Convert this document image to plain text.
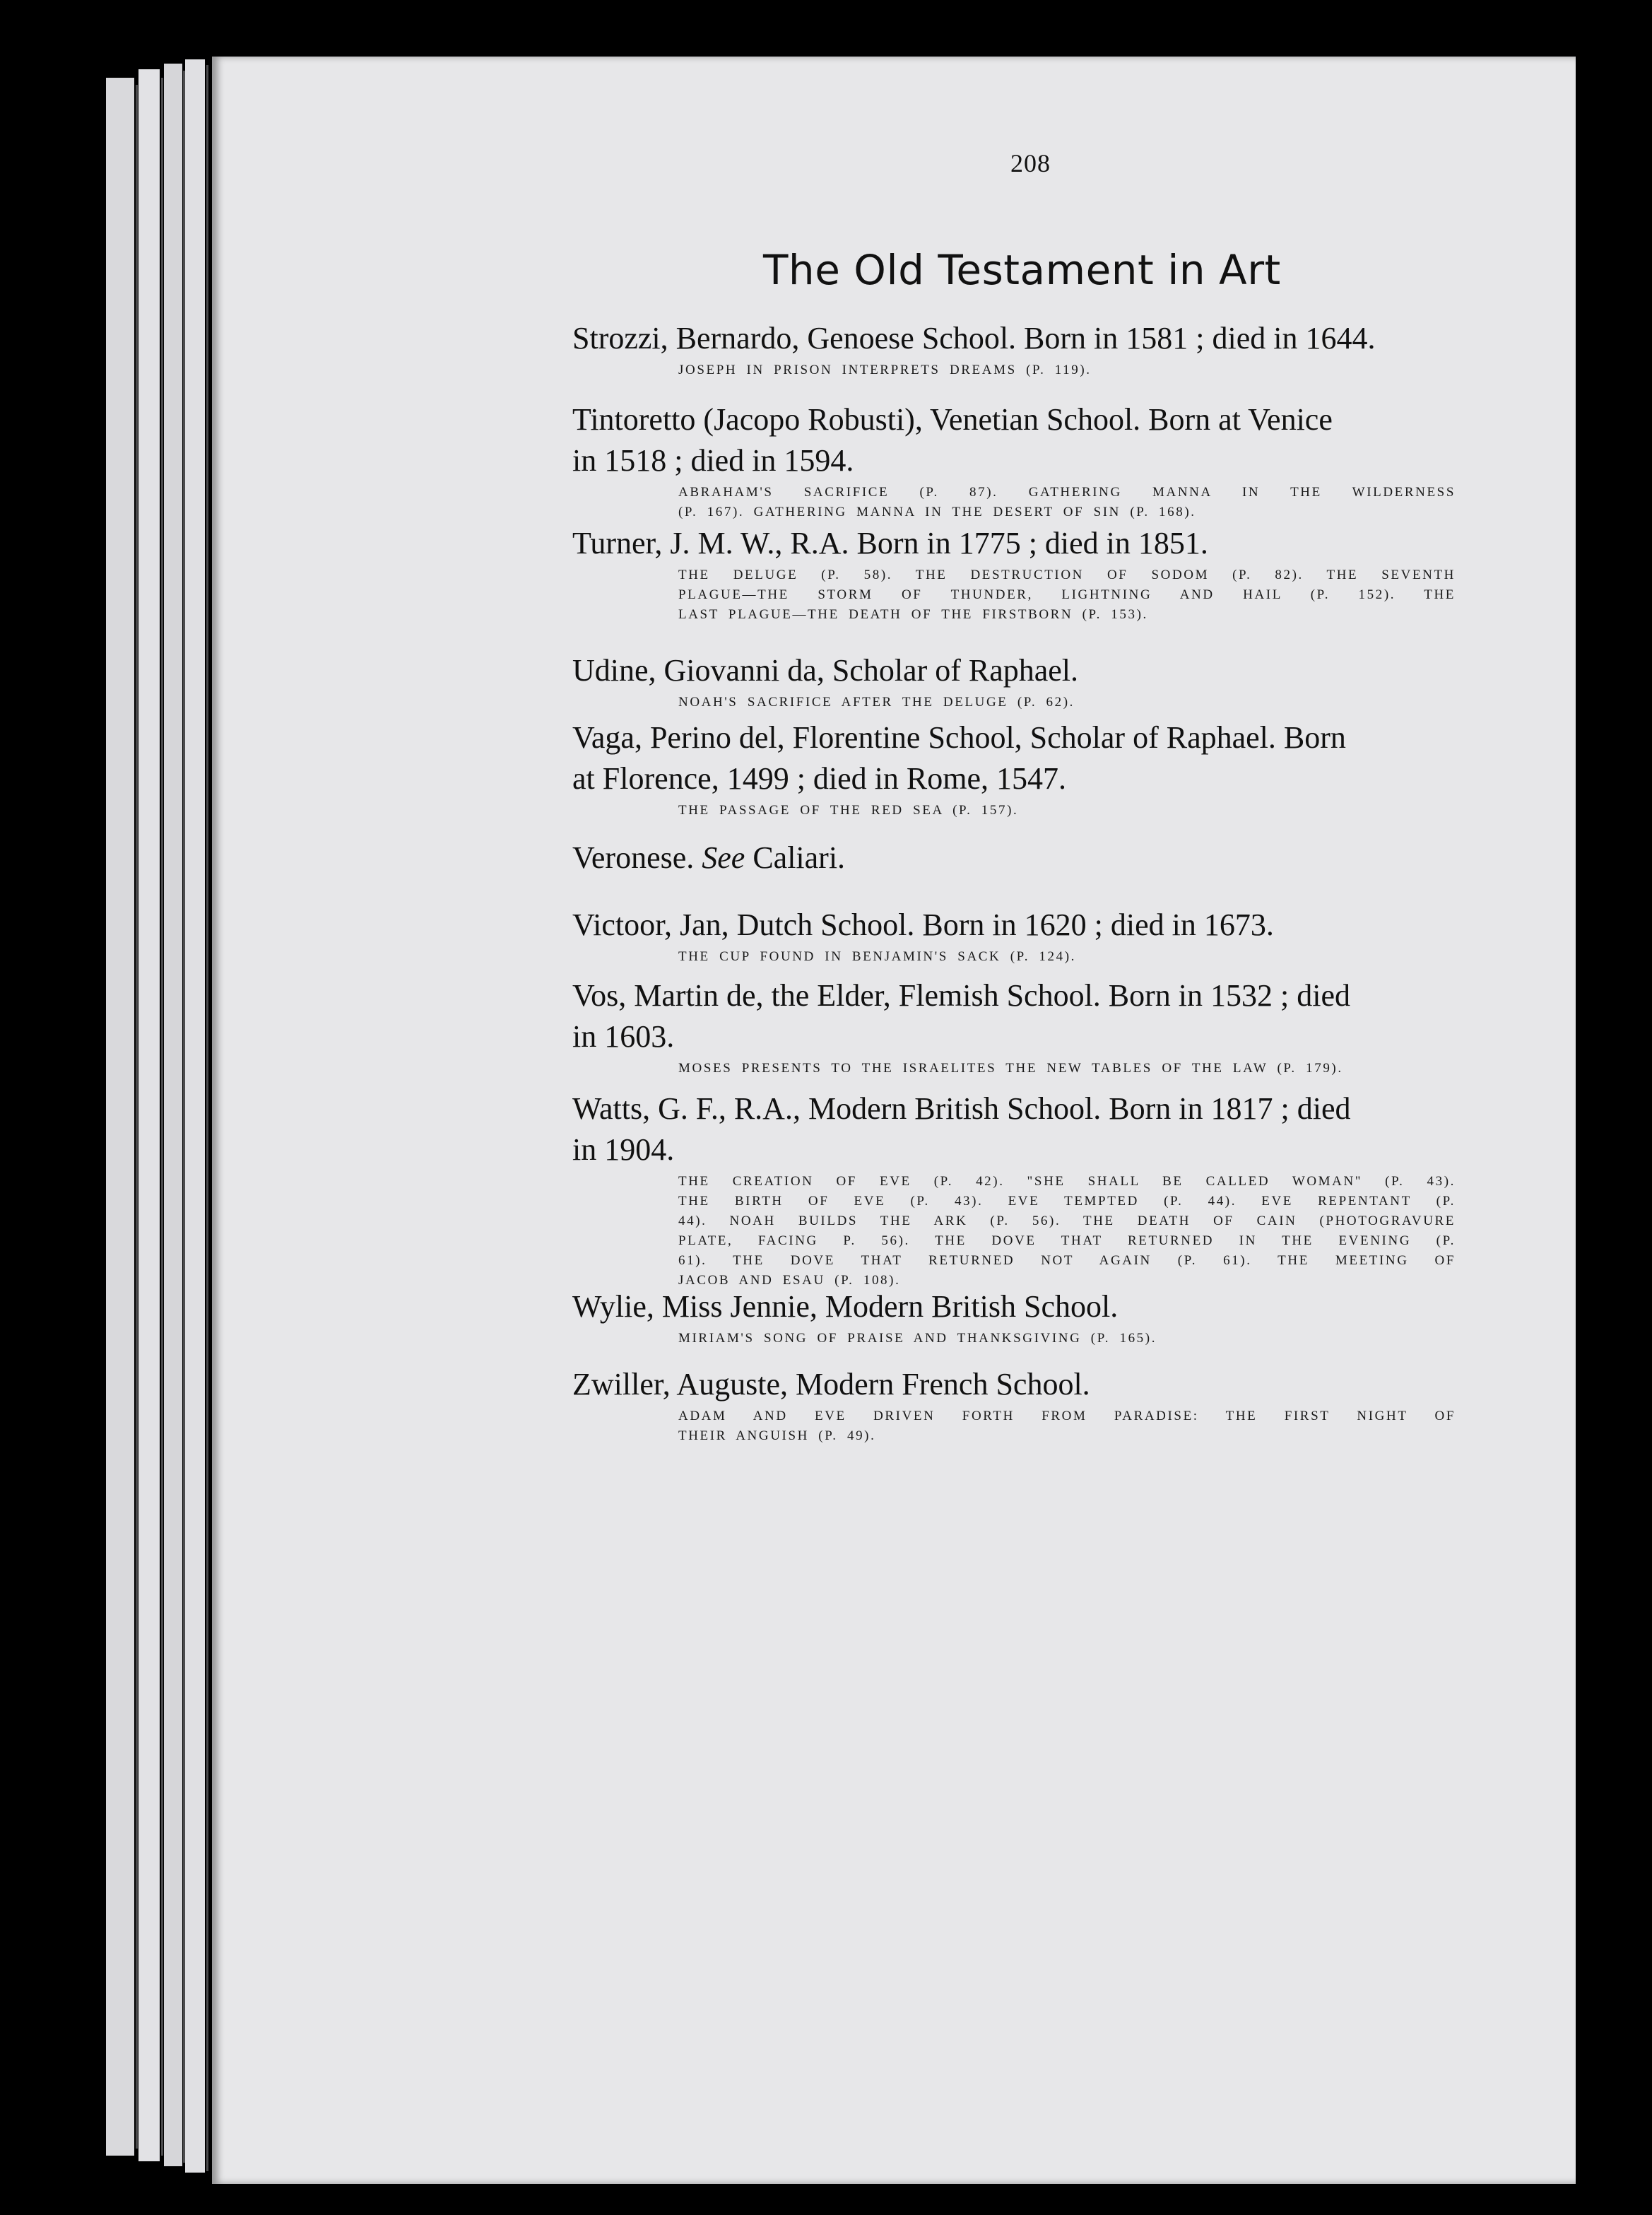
208
The Old Testament in Art
Strozzi, Bernardo, Genoese School. Born in 1581 ; died in 1644.
JOSEPH IN PRISON INTERPRETS DREAMS (P. 119).
Tintoretto (Jacopo Robusti), Venetian School. Born at Venice
in 1518 ; died in 1594.
ABRAHAM'S SACRIFICE (P. 87). GATHERING MANNA IN THE WILDERNESS
(P. 167). GATHERING MANNA IN THE DESERT OF SIN (P. 168).
Turner, J. M. W., R.A. Born in 1775 ; died in 1851.
THE DELUGE (P. 58). THE DESTRUCTION OF SODOM (P. 82). THE SEVENTH
PLAGUE—THE STORM OF THUNDER, LIGHTNING AND HAIL (P. 152). THE
LAST PLAGUE—THE DEATH OF THE FIRSTBORN (P. 153).
Udine, Giovanni da, Scholar of Raphael.
NOAH'S SACRIFICE AFTER THE DELUGE (P. 62).
Vaga, Perino del, Florentine School, Scholar of Raphael. Born
at Florence, 1499 ; died in Rome, 1547.
THE PASSAGE OF THE RED SEA (P. 157).
Veronese. See Caliari.
Victoor, Jan, Dutch School. Born in 1620 ; died in 1673.
THE CUP FOUND IN BENJAMIN'S SACK (P. 124).
Vos, Martin de, the Elder, Flemish School. Born in 1532 ; died
in 1603.
MOSES PRESENTS TO THE ISRAELITES THE NEW TABLES OF THE LAW (P. 179).
Watts, G. F., R.A., Modern British School. Born in 1817 ; died
in 1904.
THE CREATION OF EVE (P. 42). "SHE SHALL BE CALLED WOMAN" (P. 43).
THE BIRTH OF EVE (P. 43). EVE TEMPTED (P. 44). EVE REPENTANT (P.
44). NOAH BUILDS THE ARK (P. 56). THE DEATH OF CAIN (PHOTOGRAVURE
PLATE, FACING P. 56). THE DOVE THAT RETURNED IN THE EVENING (P.
61). THE DOVE THAT RETURNED NOT AGAIN (P. 61). THE MEETING OF
JACOB AND ESAU (P. 108).
Wylie, Miss Jennie, Modern British School.
MIRIAM'S SONG OF PRAISE AND THANKSGIVING (P. 165).
Zwiller, Auguste, Modern French School.
ADAM AND EVE DRIVEN FORTH FROM PARADISE: THE FIRST NIGHT OF
THEIR ANGUISH (P. 49).
